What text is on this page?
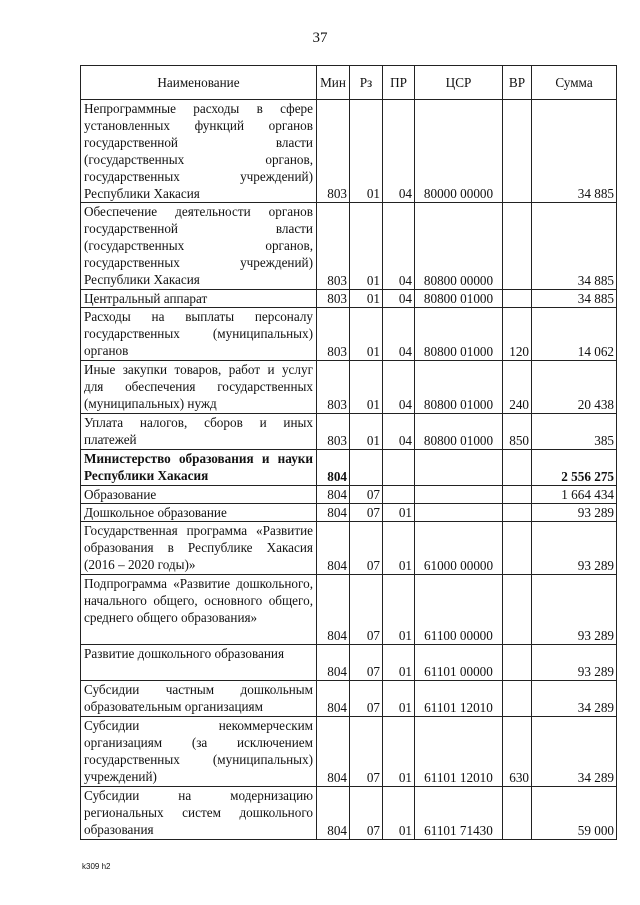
37
Наименование	Мин	Рз	ПР	ЦСР	ВР	Сумма
Непрограммные расходы в сфере установленных функций органов государственной власти (государственных органов, государственных учреждений) Республики Хакасия	803	01	04	80000 00000		34 885
Обеспечение деятельности органов государственной власти (государственных органов, государственных учреждений) Республики Хакасия	803	01	04	80800 00000		34 885
Центральный аппарат	803	01	04	80800 01000		34 885
Расходы на выплаты персоналу государственных (муниципальных) органов	803	01	04	80800 01000	120	14 062
Иные закупки товаров, работ и услуг для обеспечения государственных (муниципальных) нужд	803	01	04	80800 01000	240	20 438
Уплата налогов, сборов и иных платежей	803	01	04	80800 01000	850	385
Министерство образования и науки Республики Хакасия	804					2 556 275
Образование	804	07				1 664 434
Дошкольное образование	804	07	01			93 289
Государственная программа «Развитие образования в Республике Хакасия (2016 – 2020 годы)»	804	07	01	61000 00000		93 289
Подпрограмма «Развитие дошкольного, начального общего, основного общего, среднего общего образования»	804	07	01	61100 00000		93 289
Развитие дошкольного образования	804	07	01	61101 00000		93 289
Субсидии частным дошкольным образовательным организациям	804	07	01	61101 12010		34 289
Субсидии некоммерческим организациям (за исключением государственных (муниципальных) учреждений)	804	07	01	61101 12010	630	34 289
Субсидии на модернизацию региональных систем дошкольного образования	804	07	01	61101 71430		59 000
k309 h2
